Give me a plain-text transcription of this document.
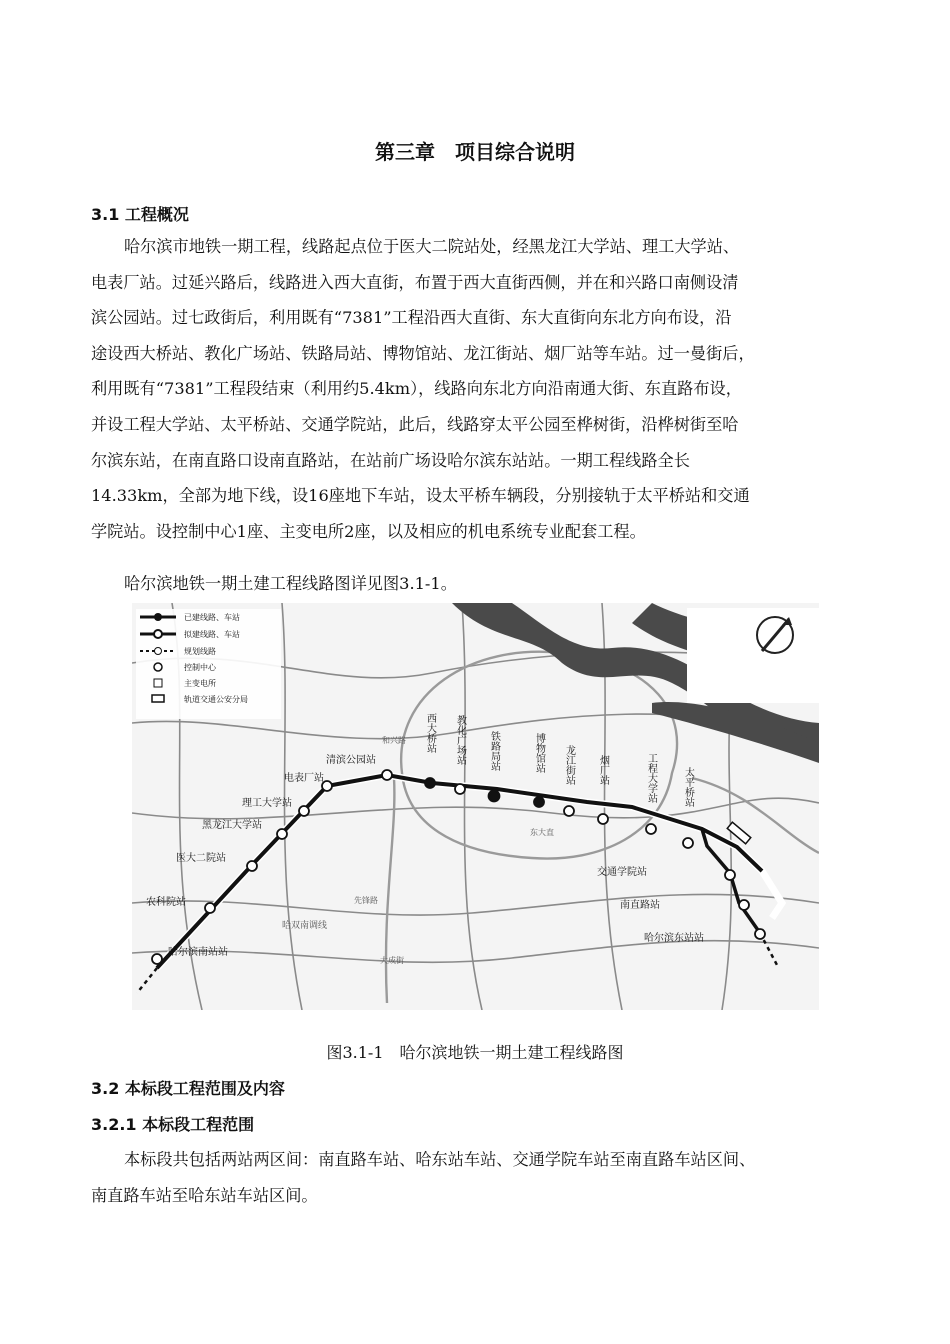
第三章　项目综合说明
3.1 工程概况

哈尔滨市地铁一期工程，线路起点位于医大二院站处，经黑龙江大学站、理工大学站、
电表厂站。过延兴路后，线路进入西大直街，布置于西大直街西侧，并在和兴路口南侧设清
滨公园站。过七政街后，利用既有“7381”工程沿西大直街、东大直街向东北方向布设，沿
途设西大桥站、教化广场站、铁路局站、博物馆站、龙江街站、烟厂站等车站。过一曼街后，
利用既有“7381”工程段结束（利用约5.4km），线路向东北方向沿南通大街、东直路布设，
并设工程大学站、太平桥站、交通学院站，此后，线路穿太平公园至桦树街，沿桦树街至哈
尔滨东站，在南直路口设南直路站，在站前广场设哈尔滨东站站。一期工程线路全长
14.33km，全部为地下线，设16座地下车站，设太平桥车辆段，分别接轨于太平桥站和交通
学院站。设控制中心1座、主变电所2座，以及相应的机电系统专业配套工程。

哈尔滨地铁一期土建工程线路图详见图3.1-1。

已建线路、车站
拟建线路、车站
规划线路
控制中心
主变电所
轨道交通公安分局
哈尔滨南站站
农科院站
医大二院站
黑龙江大学站
理工大学站
电表厂站
清滨公园站
交通学院站
南直路站
哈尔滨东站站
哈双南调线
和兴路
先锋路
大成街
东大直
西大桥站 教化广场站 铁路局站	博物馆站 龙江街站 烟厂站	工程大学站	太平桥站
图3.1-1　哈尔滨地铁一期土建工程线路图
3.2 本标段工程范围及内容
3.2.1 本标段工程范围

本标段共包括两站两区间：南直路车站、哈东站车站、交通学院车站至南直路车站区间、
南直路车站至哈东站车站区间。
